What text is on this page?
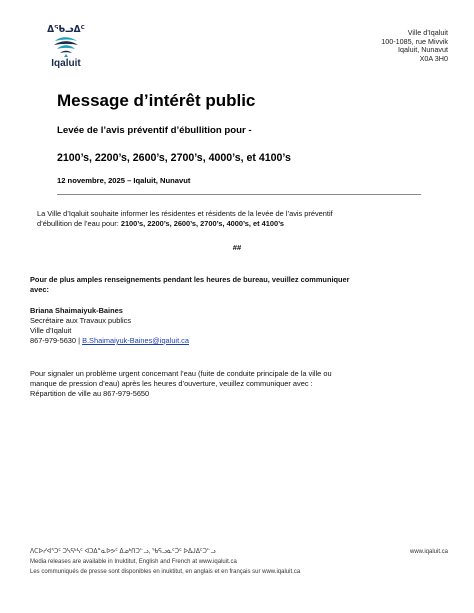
ᐃᖃᓗᐃᑦ
Iqaluit
Ville d’Iqaluit
100-1085, rue Mivvik
Iqaluit, Nunavut
X0A 3H0
Message d’intérêt public
Levée de l’avis préventif d’ébullition pour -
2100’s, 2200’s, 2600’s, 2700’s, 4000’s, et 4100’s
12 novembre, 2025 – Iqaluit, Nunavut
La Ville d’Iqaluit souhaite informer les résidentes et résidents de la levée de l’avis préventif
d’ébullition de l’eau pour: 2100’s, 2200’s, 2600’s, 2700’s, 4000’s, et 4100’s
##
Pour de plus amples renseignements pendant les heures de bureau, veuillez communiquer
avec:
Briana Shaimaiyuk-Baines
Secrétaire aux Travaux publics
Ville d’Iqaluit
867-979-5630 | B.Shaimaiyuk-Baines@iqaluit.ca
Pour signaler un problème urgent concernant l’eau (fuite de conduite principale de la ville ou
manque de pression d’eau) après les heures d’ouverture, veuillez communiquer avec :
Répartition de ville au 867-979-5650
ᐱᑕᐅᓯᐊᕐᑐᑦ ᑐᓴᕋᒃᓴᑦ ᐊᑐᐃᓐᓇᐅᕗᑦ ᐃᓄᒃᑎᑐᓪᓗ, ᖃᕋᓗᓈᑦᑐᑦ ᐅᐃᒍᐃᑦᑐᓪᓗ	www.iqaluit.ca
Media releases are available in Inuktitut, English and French at www.iqaluit.ca
Les communiqués de presse sont disponibles en inuktitut, en anglais et en français sur www.iqaluit.ca
